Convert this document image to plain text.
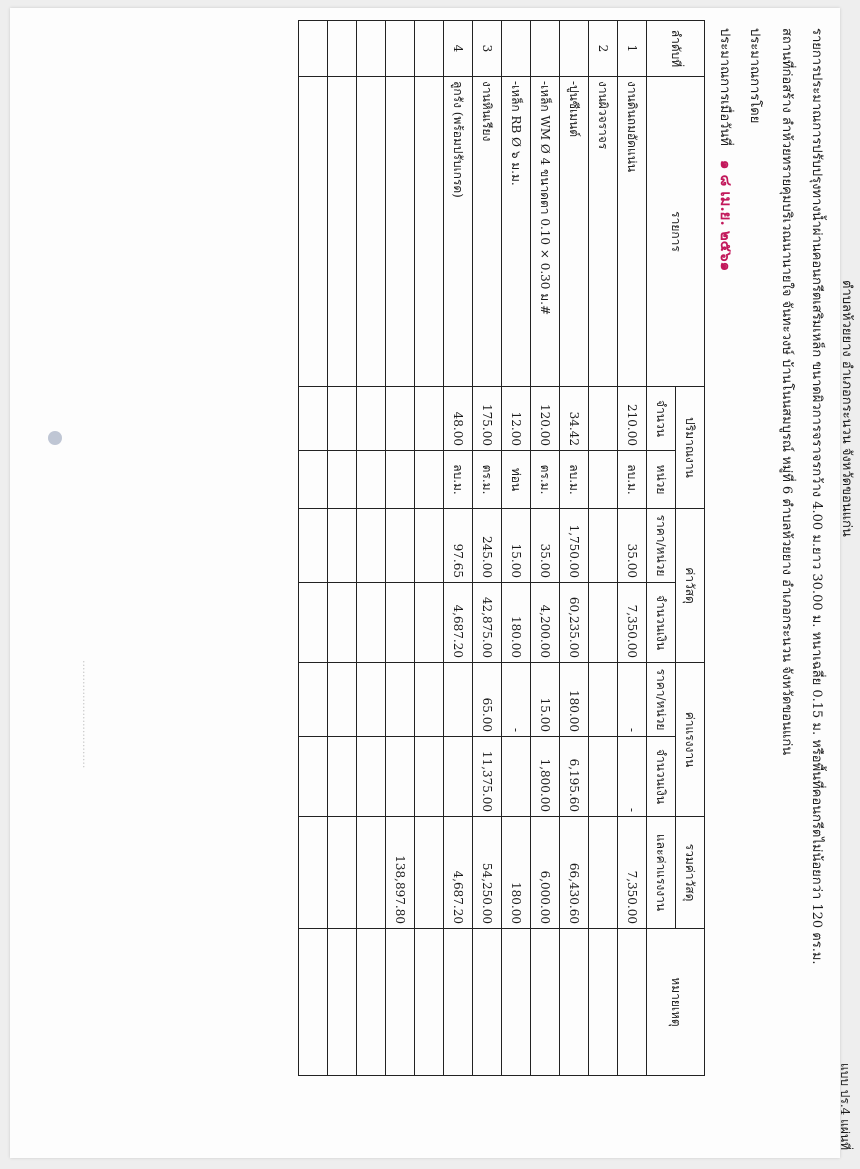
แบบ ปร.4 แผ่นที่
ตำบลห้วยยาง อำเภอกระนวน จังหวัดขอนแก่น
รายการประมาณการปรับปรุงทางน้ำผ่านคอนกรีตเสริมเหล็ก ขนาดผิวการจราจรกว้าง 4.00 ม.ยาว 30.00 ม. หนาเฉลี่ย 0.15 ม. หรือพื้นที่คอนกรีตไม่น้อยกว่า 120 ตร.ม.
สถานที่ก่อสร้าง ลำห้วยทรายคุมบริเวณนานายใจ จันทะวงษ์ บ้านโนนสมบูรณ์ หมู่ที่ 6 ตำบลห้วยยาง อำเภอกระนวน จังหวัดขอนแก่น
ประมาณการโดย
ประมาณการเมื่อวันที่๑ ๘ เม.ย. ๒๕๖๑
ลำดับที่	รายการ	ปริมาณงาน		ค่าวัสดุ		ค่าแรงงาน		รวมค่าวัสดุ	หมายเหตุ
		จำนวน	หน่วย	ราคา/หน่วย	จำนวนเงิน	ราคา/หน่วย	จำนวนเงิน	และค่าแรงงาน	
1	งานดินถมอัดแน่น	210.00	ลบ.ม.	35.00	7,350.00	-	-	7,350.00	
2	งานผิวจราจร								
	-ปูนซีเมนต์	34.42	ลบ.ม.	1,750.00	60,235.00	180.00	6,195.60	66,430.60	
	-เหล็ก WM Ø 4 ขนาดตา 0.10 × 0.30 ม.#	120.00	ตร.ม.	35.00	4,200.00	15.00	1,800.00	6,000.00	
	-เหล็ก RB Ø ๖ ม.ม.	12.00	ท่อน	15.00	180.00	-		180.00	
3	งานหินเรียง	175.00	ตร.ม.	245.00	42,875.00	65.00	11,375.00	54,250.00	
4	ลูกรัง (พร้อมปรับเกรด)	48.00	ลบ.ม.	97.65	4,687.20			4,687.20	

								138,897.80	

·······························
